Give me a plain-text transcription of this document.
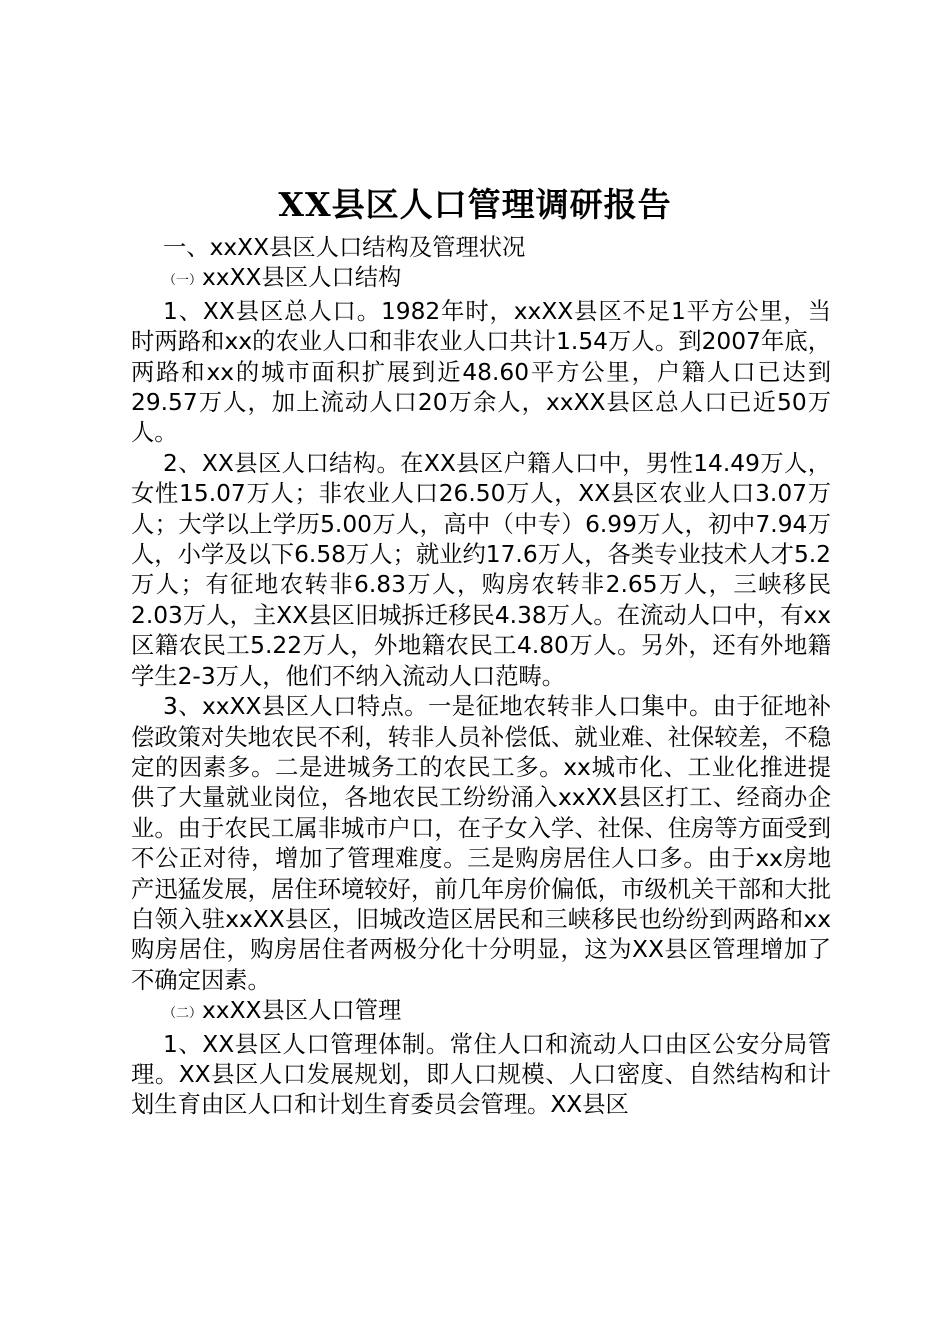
XX县区人口管理调研报告

一、xxXX县区人口结构及管理状况

（一）xxXX县区人口结构

1、XX县区总人口。1982年时，xxXX县区不足1平方公里，当时两路和xx的农业人口和非农业人口共计1.54万人。到2007年底，两路和xx的城市面积扩展到近48.60平方公里，户籍人口已达到29.57万人，加上流动人口20万余人，xxXX县区总人口已近50万人。

2、XX县区人口结构。在XX县区户籍人口中，男性14.49万人，女性15.07万人；非农业人口26.50万人，XX县区农业人口3.07万人；大学以上学历5.00万人，高中（中专）6.99万人，初中7.94万人，小学及以下6.58万人；就业约17.6万人，各类专业技术人才5.2万人；有征地农转非6.83万人，购房农转非2.65万人，三峡移民2.03万人，主XX县区旧城拆迁移民4.38万人。在流动人口中，有xx区籍农民工5.22万人，外地籍农民工4.80万人。另外，还有外地籍学生2-3万人，他们不纳入流动人口范畴。

3、xxXX县区人口特点。一是征地农转非人口集中。由于征地补偿政策对失地农民不利，转非人员补偿低、就业难、社保较差，不稳定的因素多。二是进城务工的农民工多。xx城市化、工业化推进提供了大量就业岗位，各地农民工纷纷涌入xxXX县区打工、经商办企业。由于农民工属非城市户口，在子女入学、社保、住房等方面受到不公正对待，增加了管理难度。三是购房居住人口多。由于xx房地产迅猛发展，居住环境较好，前几年房价偏低，市级机关干部和大批白领入驻xxXX县区，旧城改造区居民和三峡移民也纷纷到两路和xx购房居住，购房居住者两极分化十分明显，这为XX县区管理增加了不确定因素。

（二）xxXX县区人口管理

1、XX县区人口管理体制。常住人口和流动人口由区公安分局管理。XX县区人口发展规划，即人口规模、人口密度、自然结构和计划生育由区人口和计划生育委员会管理。XX县区
